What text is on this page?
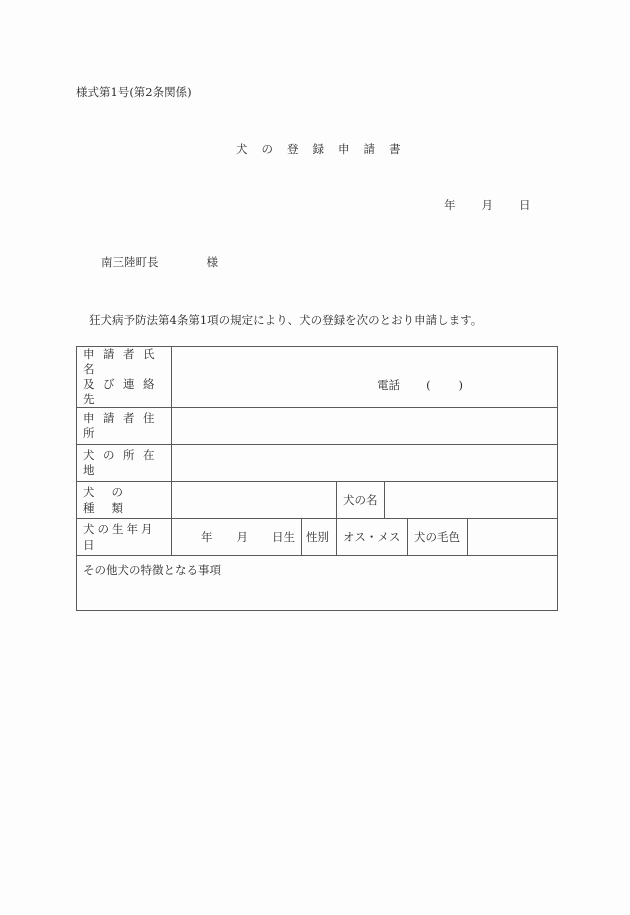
様式第1号(第2条関係)
犬の登録申請書
年 月 日
南三陸町長	様
狂犬病予防法第4条第1項の規定により、犬の登録を次のとおり申請します。
申請者氏名
及び連絡先	電話 ()					

申請者住所						
犬の所在地						
犬の種類			犬の名			
犬の生年月日	年 月 日生	性別	オス・メス		犬の毛色	
その他犬の特徴となる事項						
